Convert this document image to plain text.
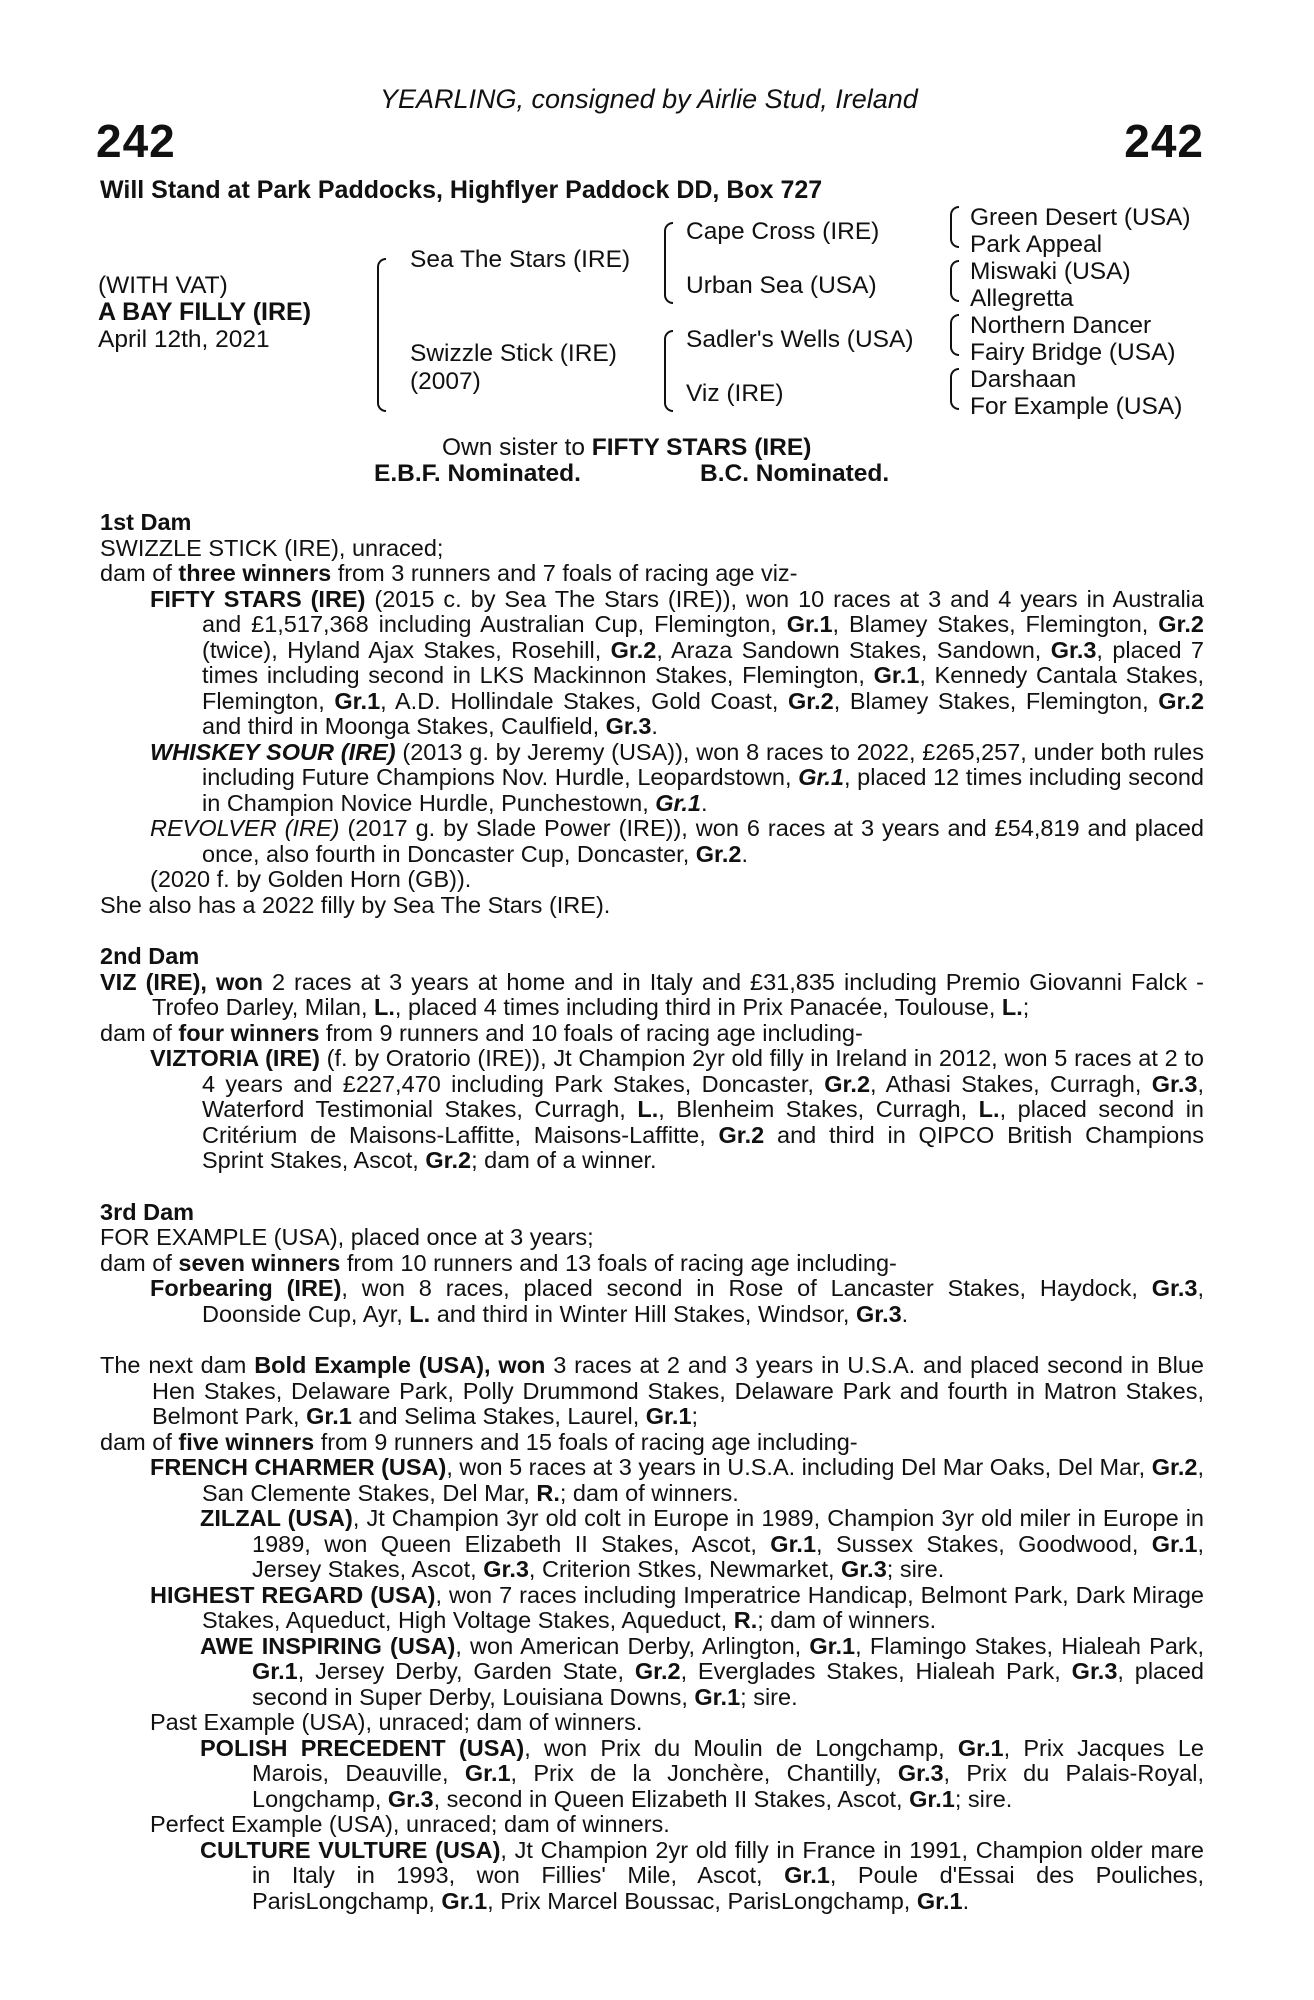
YEARLING, consigned by Airlie Stud, Ireland
242	242
Will Stand at Park Paddocks, Highflyer Paddock DD, Box 727
(WITH VAT)
A BAY FILLY (IRE)
April 12th, 2021
Sea The Stars (IRE)
Swizzle Stick (IRE)
(2007)
Cape Cross (IRE)
Urban Sea (USA)
Sadler's Wells (USA)
Viz (IRE)
Green Desert (USA)
Park Appeal
Miswaki (USA)
Allegretta
Northern Dancer
Fairy Bridge (USA)
Darshaan
For Example (USA)
Own sister to FIFTY STARS (IRE)
E.B.F. Nominated.	B.C. Nominated.

1st Dam

SWIZZLE STICK (IRE), unraced;

dam of three winners from 3 runners and 7 foals of racing age viz-

FIFTY STARS (IRE) (2015 c. by Sea The Stars (IRE)), won 10 races at 3 and 4 years in Australia and £1,517,368 including Australian Cup, Flemington, Gr.1, Blamey Stakes, Flemington, Gr.2 (twice), Hyland Ajax Stakes, Rosehill, Gr.2, Araza Sandown Stakes, Sandown, Gr.3, placed 7 times including second in LKS Mackinnon Stakes, Flemington, Gr.1, Kennedy Cantala Stakes, Flemington, Gr.1, A.D. Hollindale Stakes, Gold Coast, Gr.2, Blamey Stakes, Flemington, Gr.2 and third in Moonga Stakes, Caulfield, Gr.3.

WHISKEY SOUR (IRE) (2013 g. by Jeremy (USA)), won 8 races to 2022, £265,257, under both rules including Future Champions Nov. Hurdle, Leopardstown, Gr.1, placed 12 times including second in Champion Novice Hurdle, Punchestown, Gr.1.

REVOLVER (IRE) (2017 g. by Slade Power (IRE)), won 6 races at 3 years and £54,819 and placed once, also fourth in Doncaster Cup, Doncaster, Gr.2.

(2020 f. by Golden Horn (GB)).

She also has a 2022 filly by Sea The Stars (IRE).

2nd Dam

VIZ (IRE), won 2 races at 3 years at home and in Italy and £31,835 including Premio Giovanni Falck - Trofeo Darley, Milan, L., placed 4 times including third in Prix Panacée, Toulouse, L.;

dam of four winners from 9 runners and 10 foals of racing age including-

VIZTORIA (IRE) (f. by Oratorio (IRE)), Jt Champion 2yr old filly in Ireland in 2012, won 5 races at 2 to 4 years and £227,470 including Park Stakes, Doncaster, Gr.2, Athasi Stakes, Curragh, Gr.3, Waterford Testimonial Stakes, Curragh, L., Blenheim Stakes, Curragh, L., placed second in Critérium de Maisons-Laffitte, Maisons-Laffitte, Gr.2 and third in QIPCO British Champions Sprint Stakes, Ascot, Gr.2; dam of a winner.

3rd Dam

FOR EXAMPLE (USA), placed once at 3 years;

dam of seven winners from 10 runners and 13 foals of racing age including-

Forbearing (IRE), won 8 races, placed second in Rose of Lancaster Stakes, Haydock, Gr.3, Doonside Cup, Ayr, L. and third in Winter Hill Stakes, Windsor, Gr.3.

The next dam Bold Example (USA), won 3 races at 2 and 3 years in U.S.A. and placed second in Blue Hen Stakes, Delaware Park, Polly Drummond Stakes, Delaware Park and fourth in Matron Stakes, Belmont Park, Gr.1 and Selima Stakes, Laurel, Gr.1;

dam of five winners from 9 runners and 15 foals of racing age including-

FRENCH CHARMER (USA), won 5 races at 3 years in U.S.A. including Del Mar Oaks, Del Mar, Gr.2, San Clemente Stakes, Del Mar, R.; dam of winners.

ZILZAL (USA), Jt Champion 3yr old colt in Europe in 1989, Champion 3yr old miler in Europe in 1989, won Queen Elizabeth II Stakes, Ascot, Gr.1, Sussex Stakes, Goodwood, Gr.1, Jersey Stakes, Ascot, Gr.3, Criterion Stkes, Newmarket, Gr.3; sire.

HIGHEST REGARD (USA), won 7 races including Imperatrice Handicap, Belmont Park, Dark Mirage Stakes, Aqueduct, High Voltage Stakes, Aqueduct, R.; dam of winners.

AWE INSPIRING (USA), won American Derby, Arlington, Gr.1, Flamingo Stakes, Hialeah Park, Gr.1, Jersey Derby, Garden State, Gr.2, Everglades Stakes, Hialeah Park, Gr.3, placed second in Super Derby, Louisiana Downs, Gr.1; sire.

Past Example (USA), unraced; dam of winners.

POLISH PRECEDENT (USA), won Prix du Moulin de Longchamp, Gr.1, Prix Jacques Le Marois, Deauville, Gr.1, Prix de la Jonchère, Chantilly, Gr.3, Prix du Palais-Royal, Longchamp, Gr.3, second in Queen Elizabeth II Stakes, Ascot, Gr.1; sire.

Perfect Example (USA), unraced; dam of winners.

CULTURE VULTURE (USA), Jt Champion 2yr old filly in France in 1991, Champion older mare in Italy in 1993, won Fillies' Mile, Ascot, Gr.1, Poule d'Essai des Pouliches, ParisLongchamp, Gr.1, Prix Marcel Boussac, ParisLongchamp, Gr.1.
